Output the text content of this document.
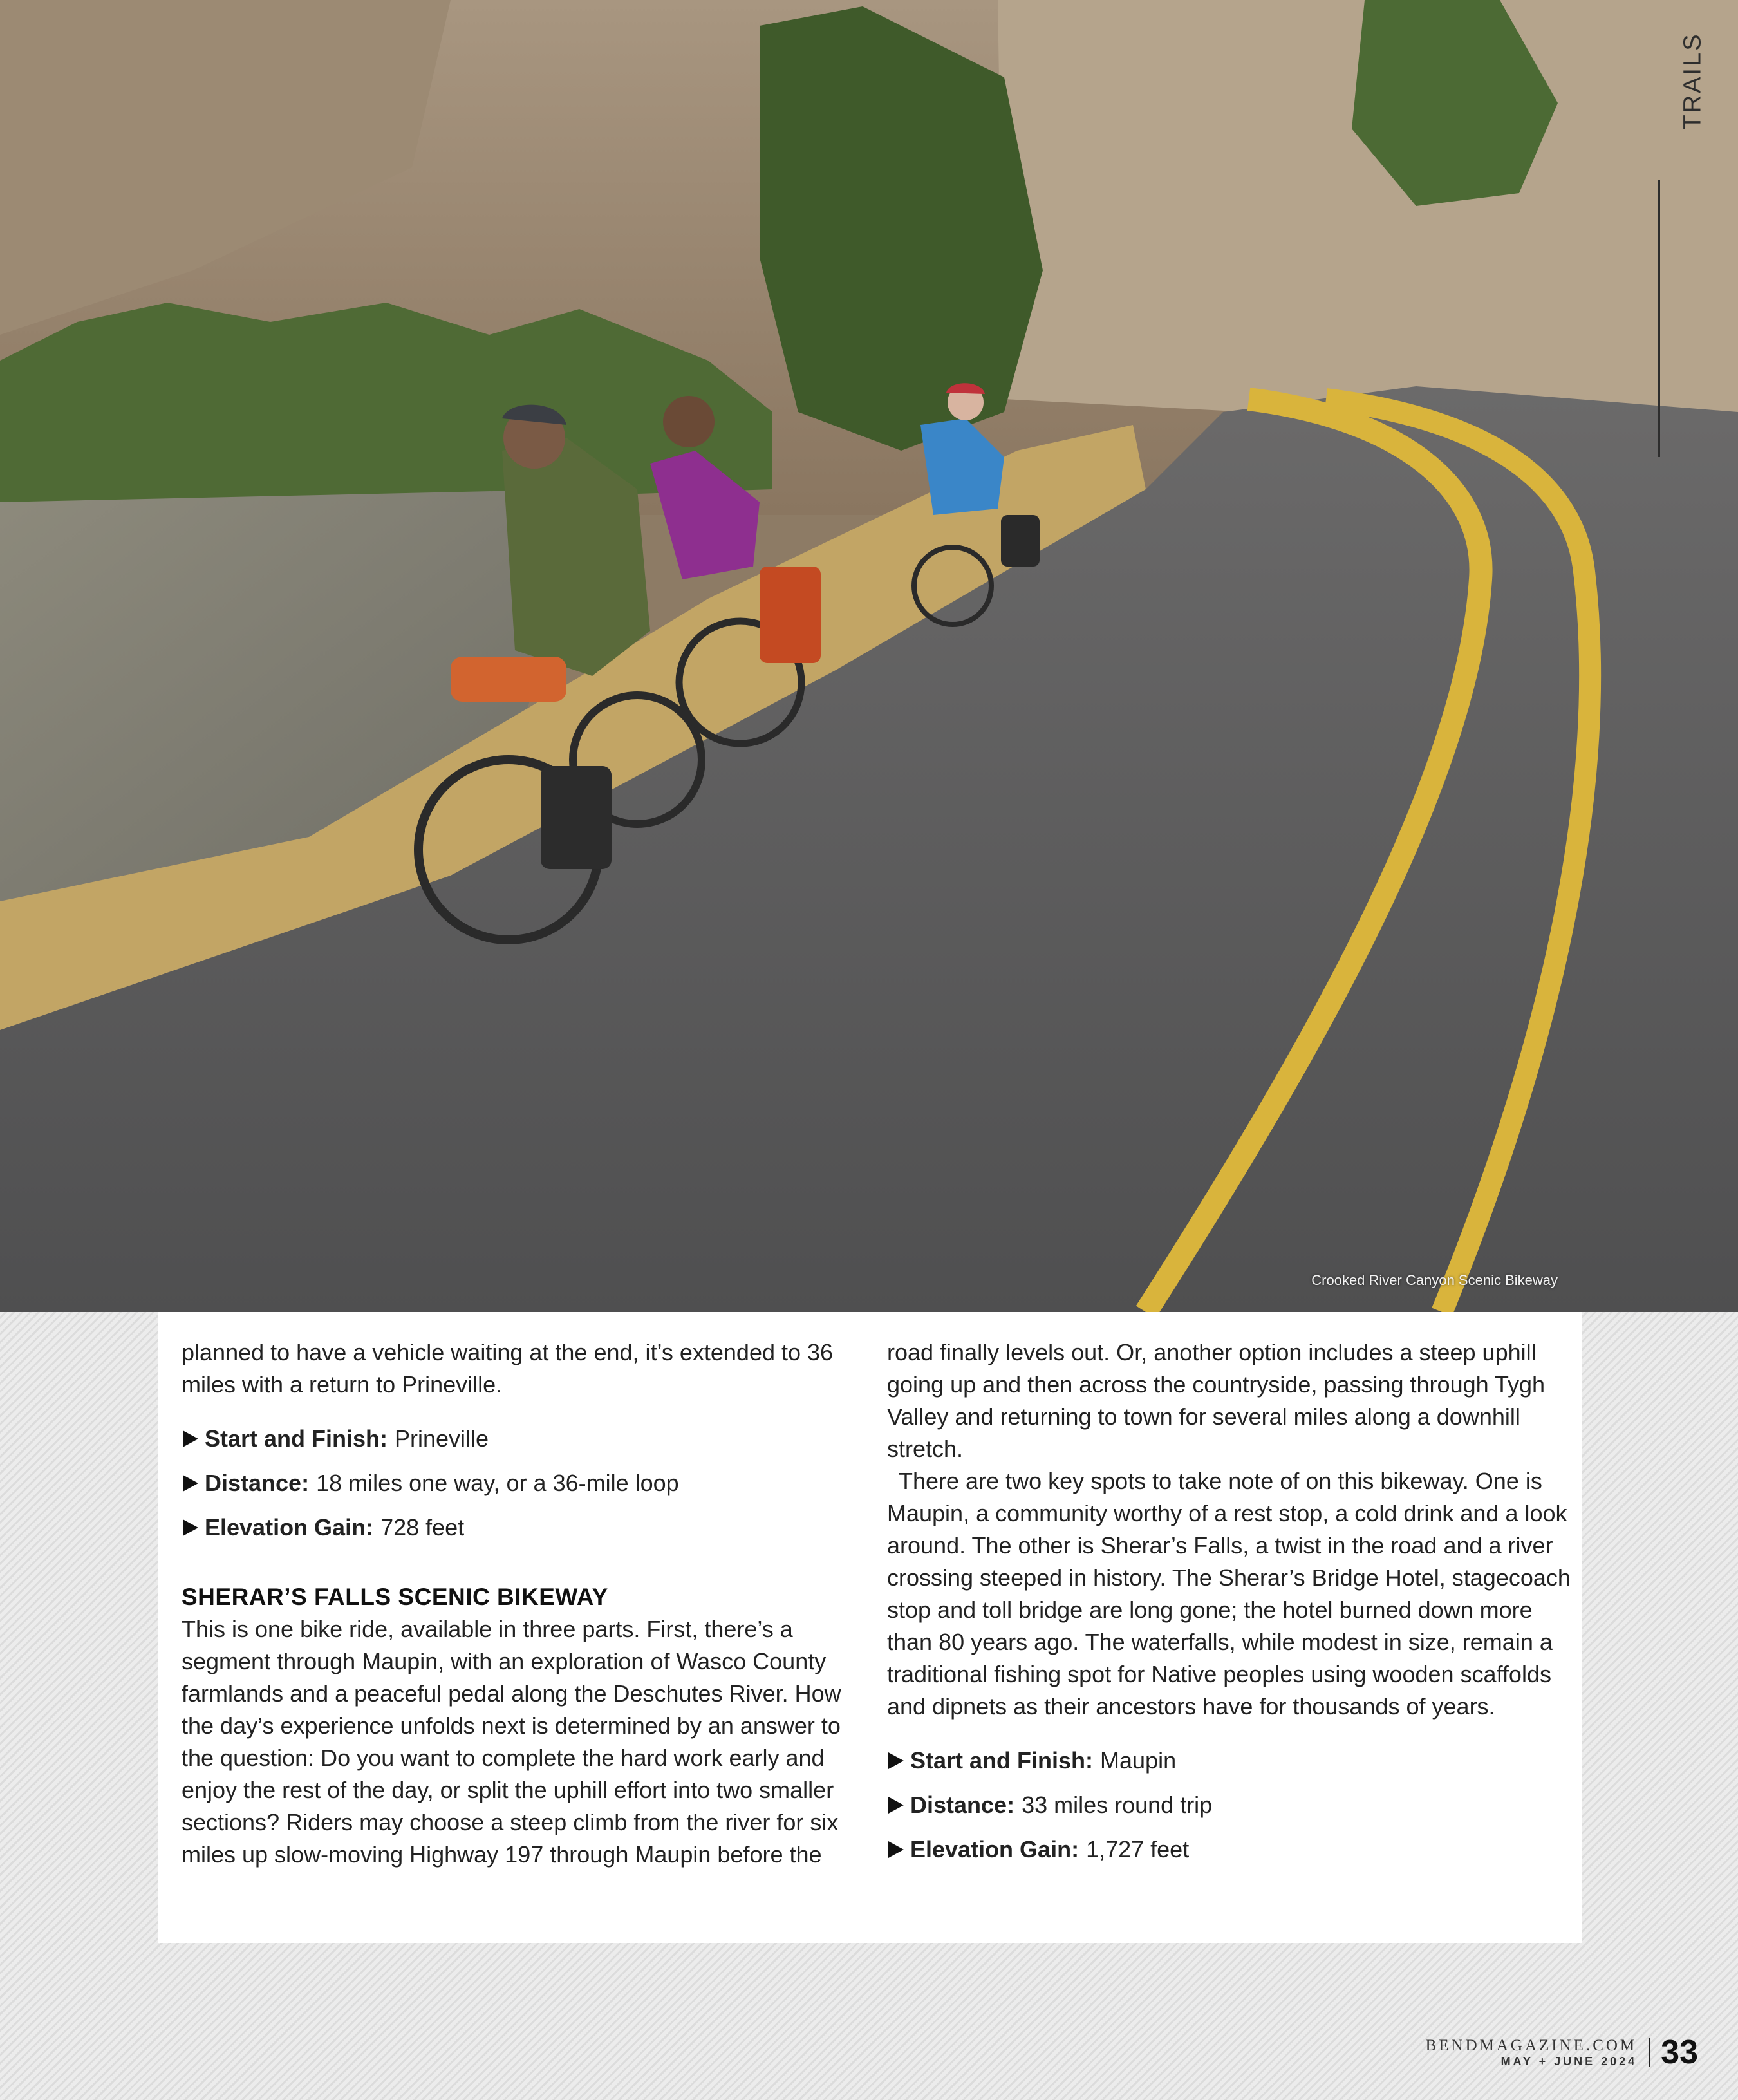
Crooked River Canyon Scenic Bikeway
TRAILS

planned to have a vehicle waiting at the end, it’s extended to 36 miles with a return to Prineville.

Start and Finish: Prineville
Distance: 18 miles one way, or a 36-mile loop
Elevation Gain: 728 feet
SHERAR’S FALLS SCENIC BIKEWAY

This is one bike ride, available in three parts. First, there’s a segment through Maupin, with an exploration of Wasco County farmlands and a peaceful pedal along the Deschutes River. How the day’s experience unfolds next is determined by an answer to the question: Do you want to complete the hard work early and enjoy the rest of the day, or split the uphill effort into two smaller sections? Riders may choose a steep climb from the river for six miles up slow-moving Highway 197 through Maupin before the

road finally levels out. Or, another option includes a steep uphill going up and then across the countryside, passing through Tygh Valley and returning to town for several miles along a downhill stretch.

There are two key spots to take note of on this bikeway. One is Maupin, a community worthy of a rest stop, a cold drink and a look around. The other is Sherar’s Falls, a twist in the road and a river crossing steeped in history. The Sherar’s Bridge Hotel, stagecoach stop and toll bridge are long gone; the hotel burned down more than 80 years ago. The waterfalls, while modest in size, remain a traditional fishing spot for Native peoples using wooden scaffolds and dipnets as their ancestors have for thousands of years.

Start and Finish: Maupin
Distance: 33 miles round trip
Elevation Gain: 1,727 feet
BENDMAGAZINE.COM
MAY + JUNE 2024 33
